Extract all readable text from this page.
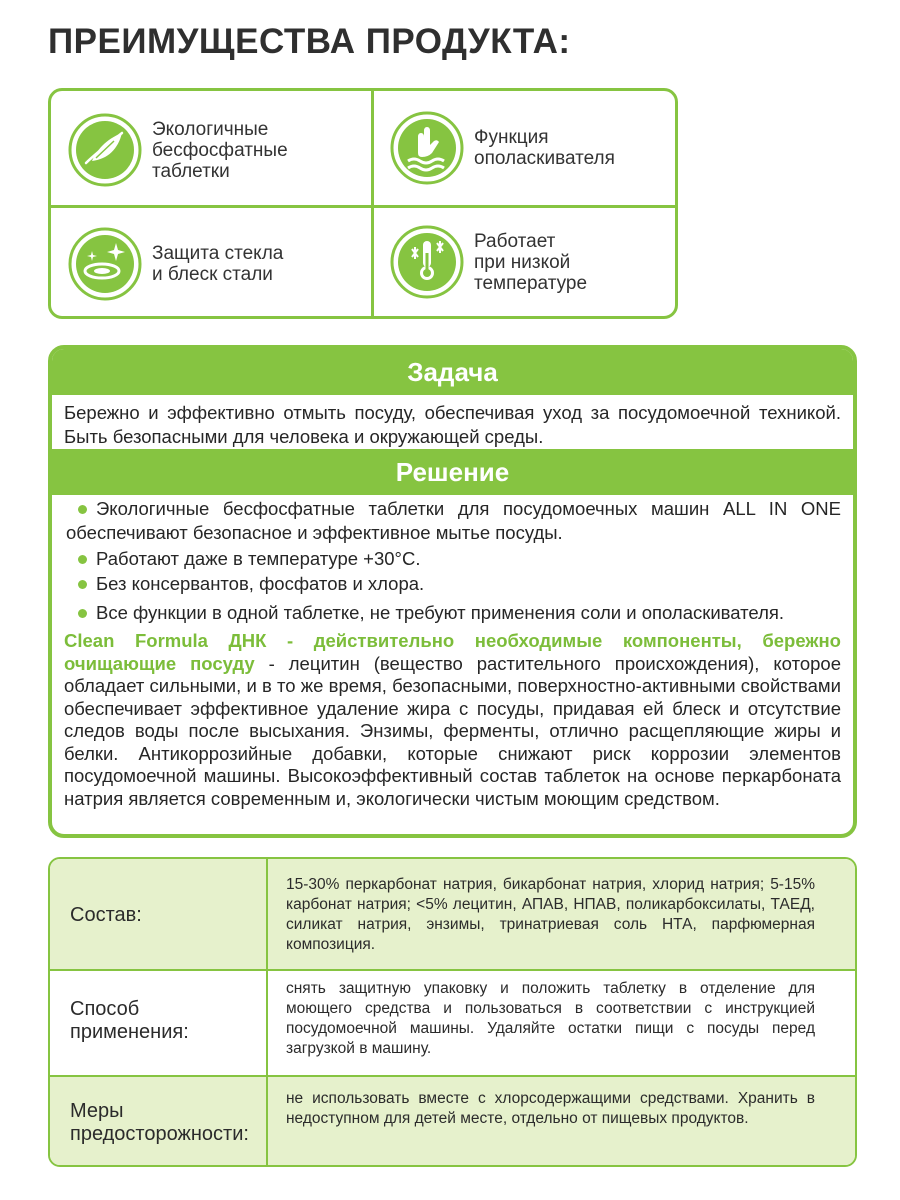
ПРЕИМУЩЕСТВА ПРОДУКТА:
Экологичные
бесфосфатные
таблетки
Функция
ополаскивателя
Защита стекла
и блеск стали
Работает
при низкой
температуре
Задача
Бережно и эффективно отмыть посуду, обеспечивая уход за посудомоечной техникой. Быть безопасными для человека и окружающей среды.
Решение
Экологичные бесфосфатные таблетки для посудомоечных машин ALL IN ONE обеспечивают безопасное и эффективное мытье посуды.
Работают даже в температуре +30°С.
Без консервантов, фосфатов и хлора.
Все функции в одной таблетке, не требуют применения соли и ополаскивателя.
Clean Formula ДНК - действительно необходимые компоненты, бережно очищающие посуду - лецитин (вещество растительного происхождения), которое обладает сильными, и в то же время, безопасными, поверхностно-активными свойствами обеспечивает эффективное удаление жира с посуды, придавая ей блеск и отсутствие следов воды после высыхания. Энзимы, ферменты, отлично расщепляющие жиры и белки. Антикоррозийные добавки, которые снижают риск коррозии элементов посудомоечной машины. Высокоэффективный состав таблеток на основе перкарбоната натрия является современным и, экологически чистым моющим средством.
Состав:
15-30% перкарбонат натрия, бикарбонат натрия, хлорид натрия; 5-15% карбонат натрия; <5% лецитин, АПАВ, НПАВ, поликарбоксилаты, ТАЕД, силикат натрия, энзимы, тринатриевая соль НТА, парфюмерная композиция.
Способ
применения:
снять защитную упаковку и положить таблетку в отделение для моющего средства и пользоваться в соответствии с инструкцией посудомоечной машины. Удаляйте остатки пищи с посуды перед загрузкой в машину.
Меры
предосторожности:
не использовать вместе с хлорсодержащими средствами. Хранить в недоступном для детей месте, отдельно от пищевых продуктов.
